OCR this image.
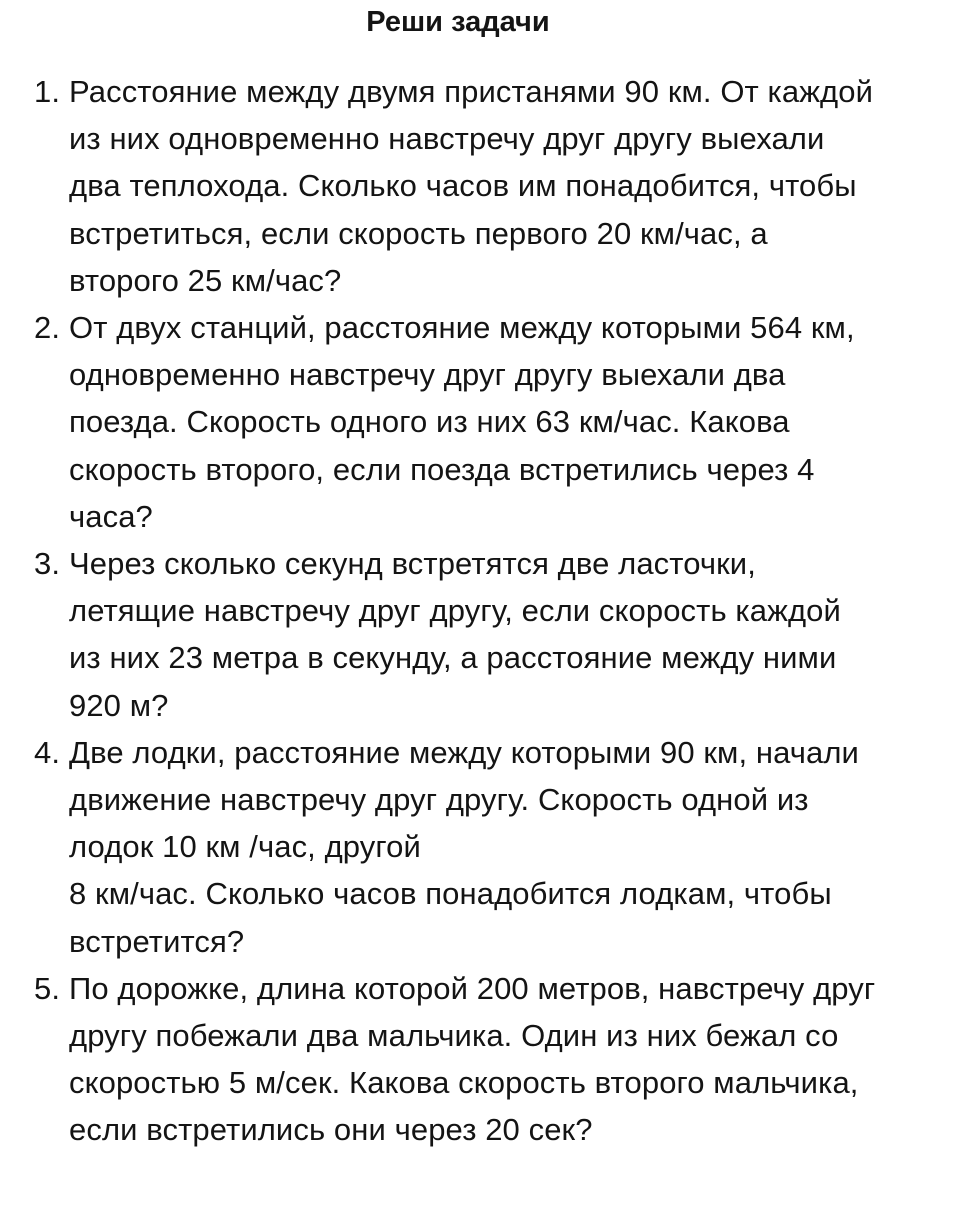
Реши задачи
1. Расстояние между двумя пристанями 90 км. От каждой
из них одновременно навстречу друг другу выехали
два теплохода. Сколько часов им понадобится, чтобы
встретиться, если скорость первого 20 км/час, а
второго 25 км/час?
2. От двух станций, расстояние между которыми 564 км,
одновременно навстречу друг другу выехали два
поезда. Скорость одного из них 63 км/час. Какова
скорость второго, если поезда встретились через 4
часа?
3. Через сколько секунд встретятся две ласточки,
летящие навстречу друг другу, если скорость каждой
из них 23 метра в секунду, а расстояние между ними
920 м?
4. Две лодки, расстояние между которыми 90 км, начали
движение навстречу друг другу. Скорость одной из
лодок 10 км /час, другой
8 км/час. Сколько часов понадобится лодкам, чтобы
встретится?
5. По дорожке, длина которой 200 метров, навстречу друг
другу побежали два мальчика. Один из них бежал со
скоростью 5 м/сек. Какова скорость второго мальчика,
если встретились они через 20 сек?
